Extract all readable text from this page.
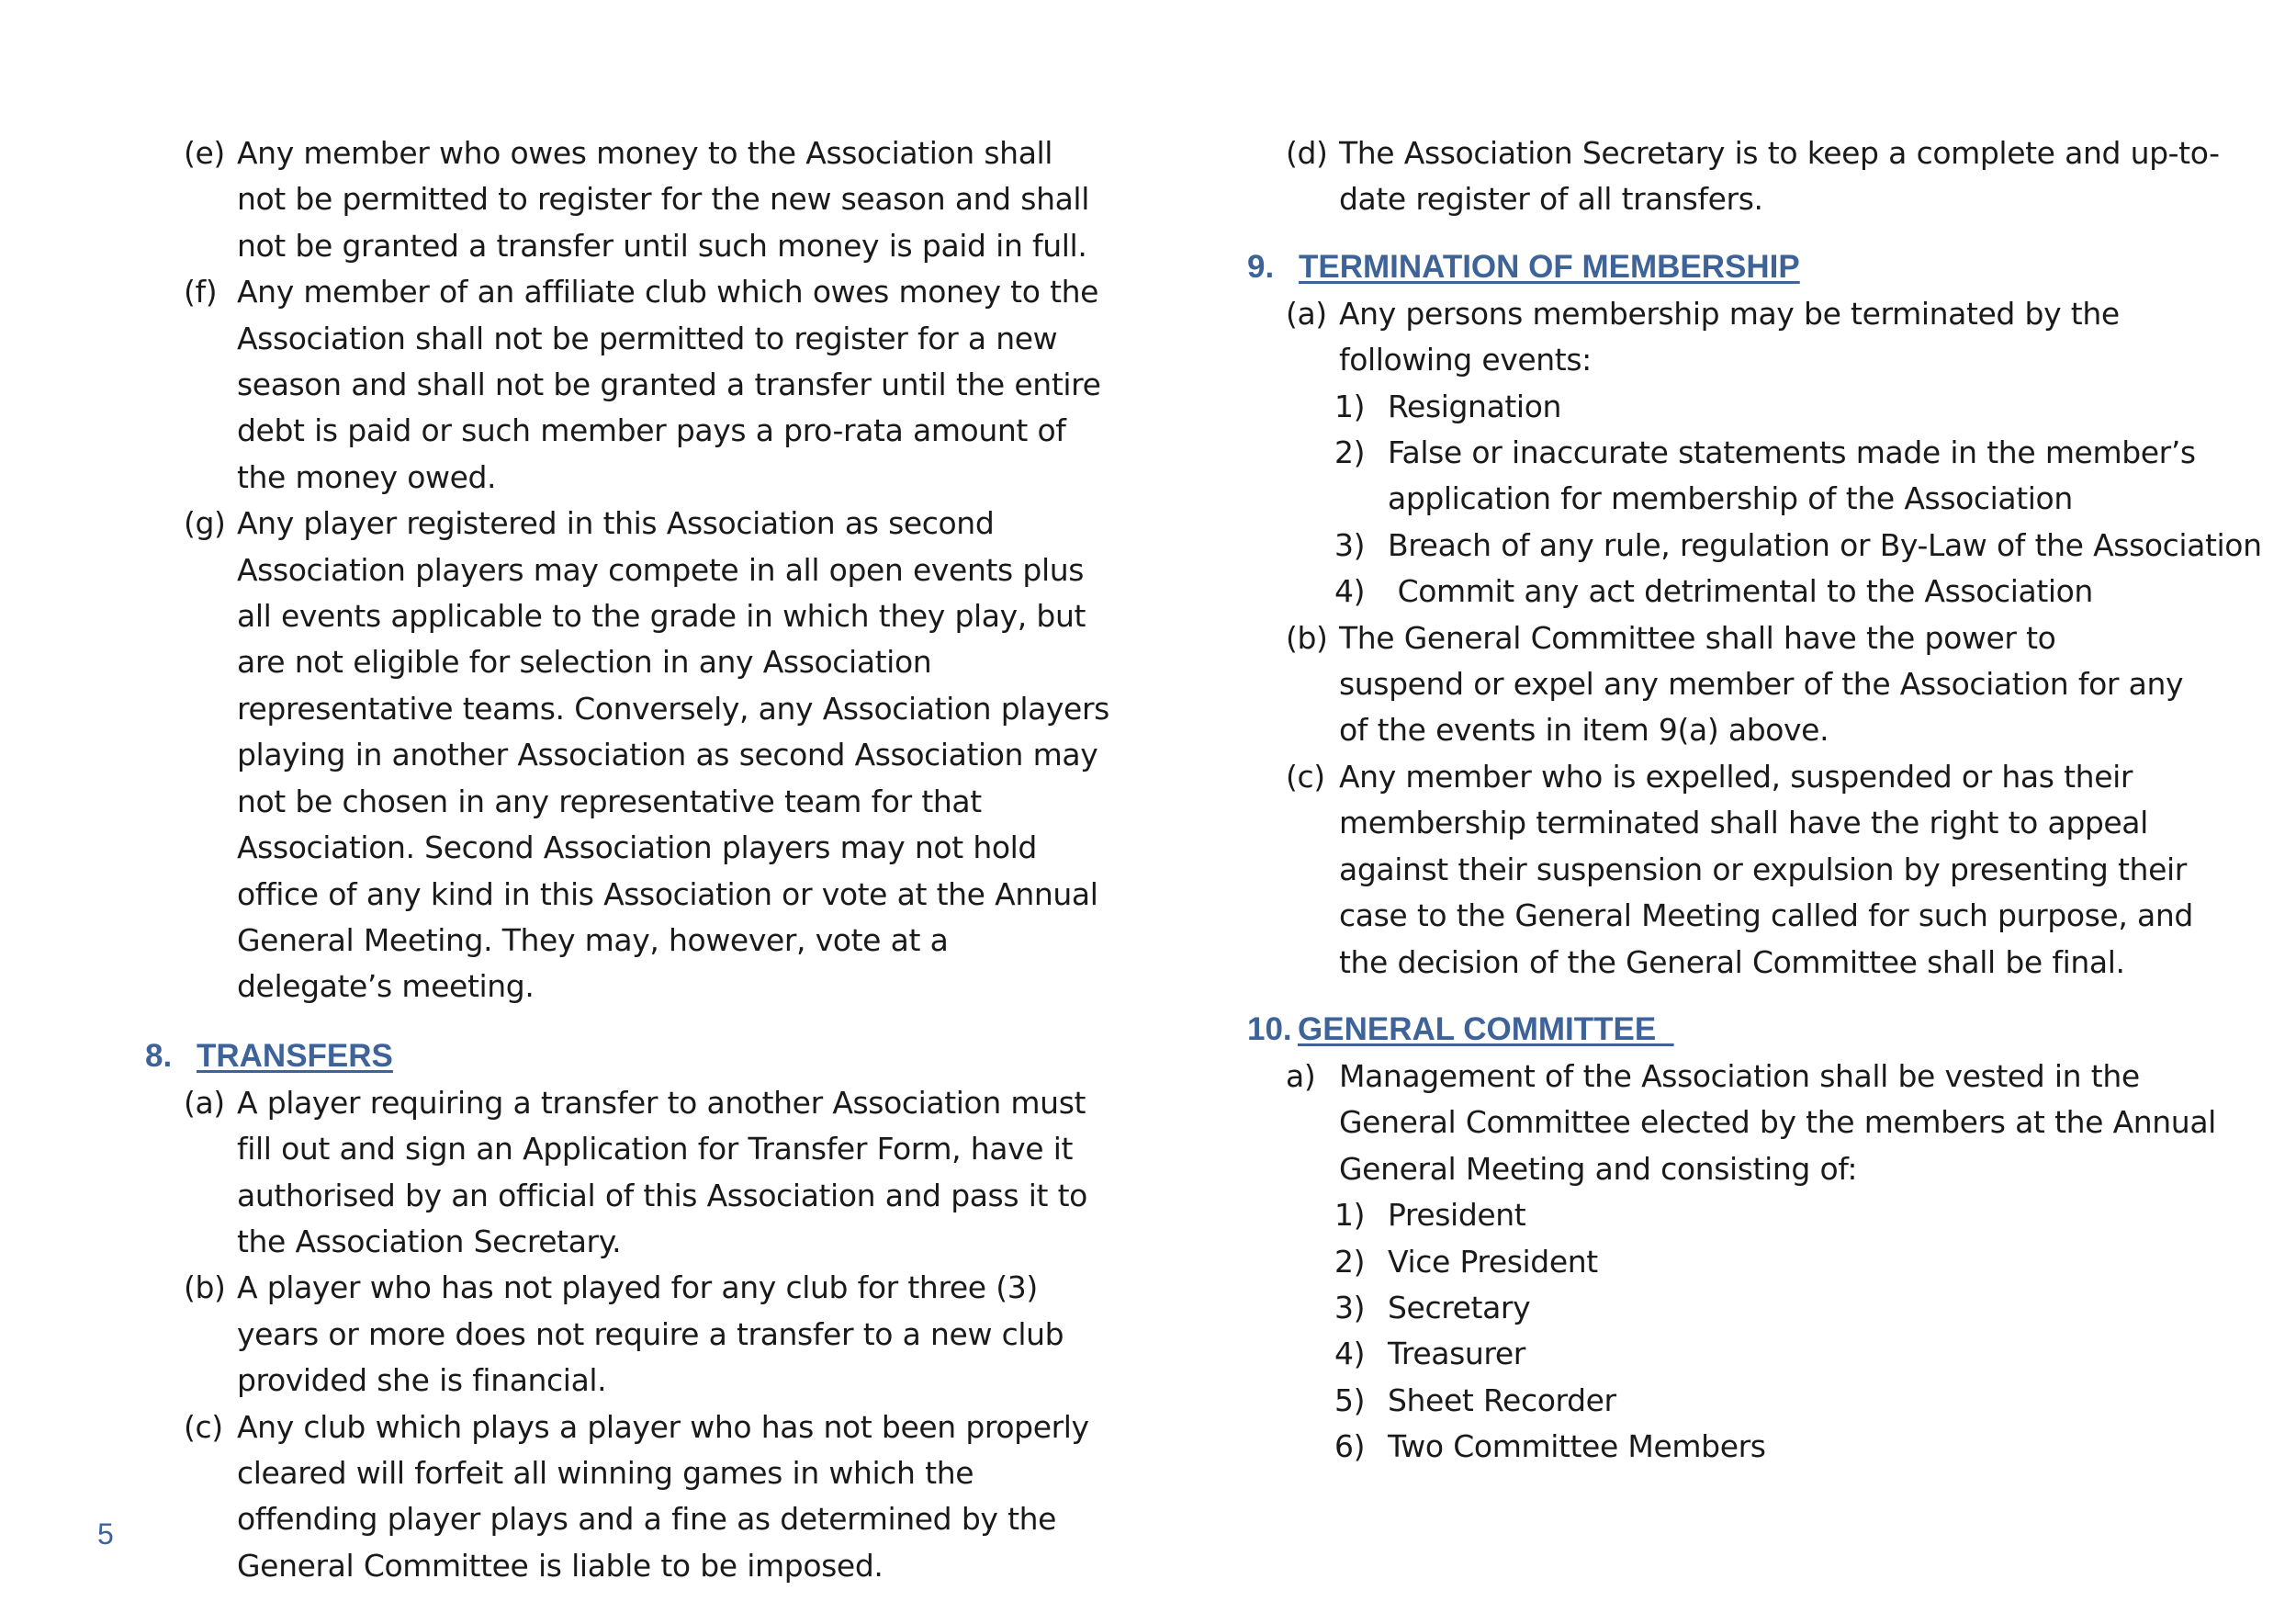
(e) Any member who owes money to the Association shall not be permitted to register for the new season and shall not be granted a transfer until such money is paid in full.
(f) Any member of an affiliate club which owes money to the Association shall not be permitted to register for a new season and shall not be granted a transfer until the entire debt is paid or such member pays a pro-rata amount of the money owed.
(g) Any player registered in this Association as second Association players may compete in all open events plus all events applicable to the grade in which they play, but are not eligible for selection in any Association representative teams. Conversely, any Association players playing in another Association as second Association may not be chosen in any representative team for that Association. Second Association players may not hold office of any kind in this Association or vote at the Annual General Meeting. They may, however, vote at a delegate’s meeting.
8. TRANSFERS
(a) A player requiring a transfer to another Association must fill out and sign an Application for Transfer Form, have it authorised by an official of this Association and pass it to the Association Secretary.
(b) A player who has not played for any club for three (3) years or more does not require a transfer to a new club provided she is financial.
(c) Any club which plays a player who has not been properly cleared will forfeit all winning games in which the offending player plays and a fine as determined by the General Committee is liable to be imposed.
(d) The Association Secretary is to keep a complete and up-to-date register of all transfers.
9. TERMINATION OF MEMBERSHIP
(a) Any persons membership may be terminated by the following events:
1) Resignation
2) False or inaccurate statements made in the member’s application for membership of the Association
3) Breach of any rule, regulation or By-Law of the Association
4) Commit any act detrimental to the Association
(b) The General Committee shall have the power to suspend or expel any member of the Association for any of the events in item 9(a) above.
(c) Any member who is expelled, suspended or has their membership terminated shall have the right to appeal against their suspension or expulsion by presenting their case to the General Meeting called for such purpose, and the decision of the General Committee shall be final.
10. GENERAL COMMITTEE
a) Management of the Association shall be vested in the General Committee elected by the members at the Annual General Meeting and consisting of:
1) President
2) Vice President
3) Secretary
4) Treasurer
5) Sheet Recorder
6) Two Committee Members
5
